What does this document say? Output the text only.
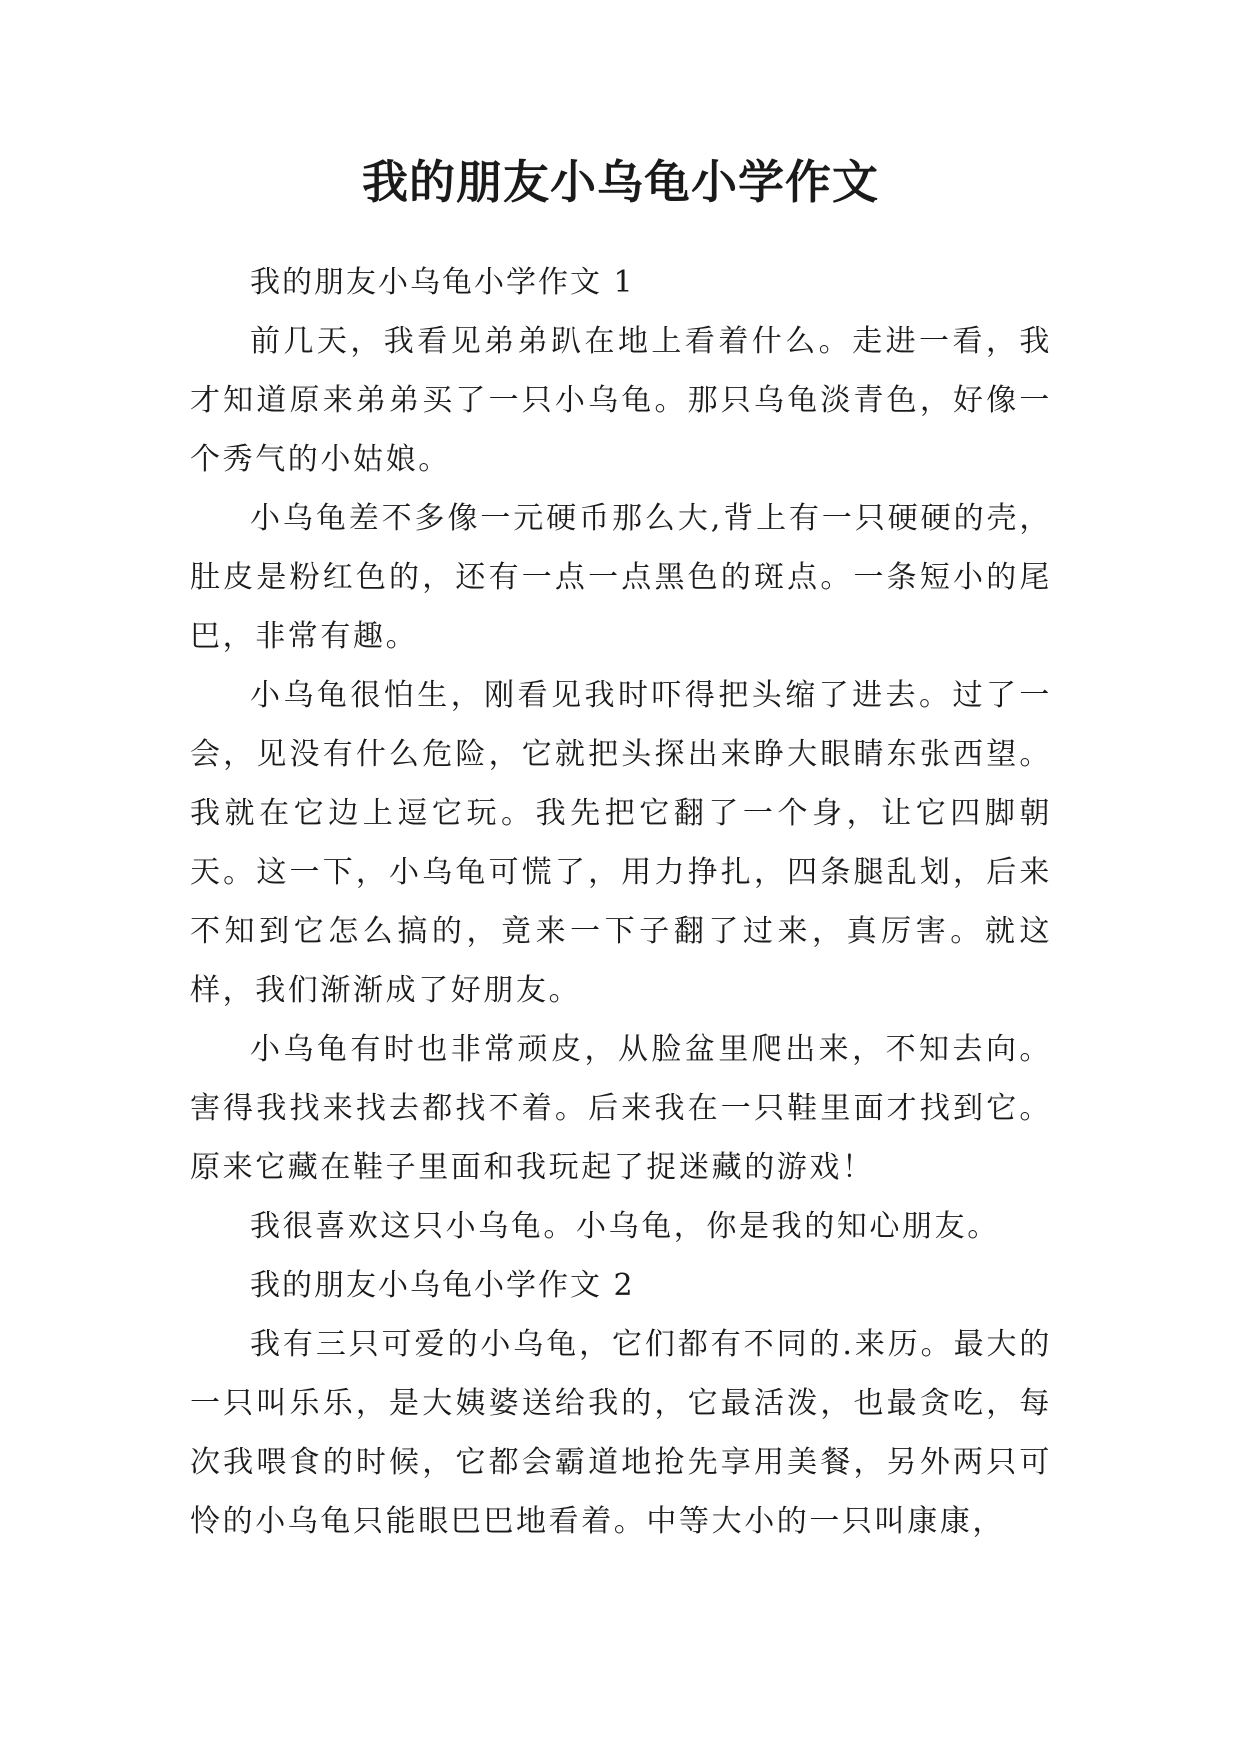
我的朋友小乌龟小学作文

我的朋友小乌龟小学作文 1

前几天，我看见弟弟趴在地上看着什么。走进一看，我才知道原来弟弟买了一只小乌龟。那只乌龟淡青色，好像一个秀气的小姑娘。

小乌龟差不多像一元硬币那么大,背上有一只硬硬的壳，肚皮是粉红色的，还有一点一点黑色的斑点。一条短小的尾巴，非常有趣。

小乌龟很怕生，刚看见我时吓得把头缩了进去。过了一会，见没有什么危险，它就把头探出来睁大眼睛东张西望。我就在它边上逗它玩。我先把它翻了一个身，让它四脚朝天。这一下，小乌龟可慌了，用力挣扎，四条腿乱划，后来不知到它怎么搞的，竟来一下子翻了过来，真厉害。就这样，我们渐渐成了好朋友。

小乌龟有时也非常顽皮，从脸盆里爬出来，不知去向。害得我找来找去都找不着。后来我在一只鞋里面才找到它。原来它藏在鞋子里面和我玩起了捉迷藏的游戏！

我很喜欢这只小乌龟。小乌龟，你是我的知心朋友。

我的朋友小乌龟小学作文 2

我有三只可爱的小乌龟，它们都有不同的.来历。最大的一只叫乐乐，是大姨婆送给我的，它最活泼，也最贪吃，每次我喂食的时候，它都会霸道地抢先享用美餐，另外两只可怜的小乌龟只能眼巴巴地看着。中等大小的一只叫康康，
